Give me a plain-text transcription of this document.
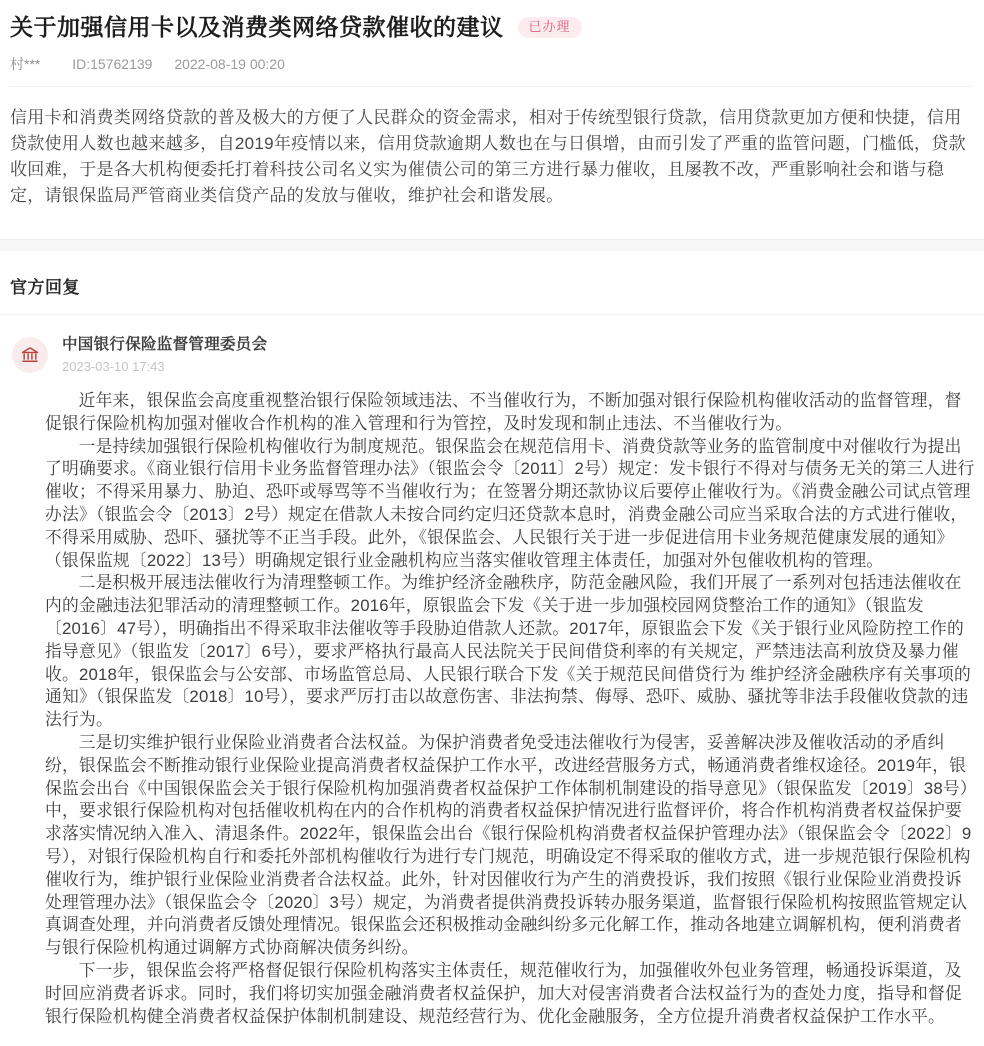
关于加强信用卡以及消费类网络贷款催收的建议 已办理
村*** ID:15762139 2022-08-19 00:20
信用卡和消费类网络贷款的普及极大的方便了人民群众的资金需求，相对于传统型银行贷款，信用贷款更加方便和快捷，信用贷款使用人数也越来越多，自2019年疫情以来，信用贷款逾期人数也在与日俱增，由而引发了严重的监管问题，门槛低，贷款收回难，于是各大机构便委托打着科技公司名义实为催债公司的第三方进行暴力催收，且屡教不改，严重影响社会和谐与稳定，请银保监局严管商业类信贷产品的发放与催收，维护社会和谐发展。
官方回复
中国银行保险监督管理委员会
2023-03-10 17:43

近年来，银保监会高度重视整治银行保险领域违法、不当催收行为，不断加强对银行保险机构催收活动的监督管理，督促银行保险机构加强对催收合作机构的准入管理和行为管控，及时发现和制止违法、不当催收行为。

一是持续加强银行保险机构催收行为制度规范。银保监会在规范信用卡、消费贷款等业务的监管制度中对催收行为提出了明确要求。《商业银行信用卡业务监督管理办法》（银监会令〔2011〕2号）规定：发卡银行不得对与债务无关的第三人进行催收；不得采用暴力、胁迫、恐吓或辱骂等不当催收行为；在签署分期还款协议后要停止催收行为。《消费金融公司试点管理办法》（银监会令〔2013〕2号）规定在借款人未按合同约定归还贷款本息时，消费金融公司应当采取合法的方式进行催收，不得采用威胁、恐吓、骚扰等不正当手段。此外，《银保监会、人民银行关于进一步促进信用卡业务规范健康发展的通知》（银保监规〔2022〕13号）明确规定银行业金融机构应当落实催收管理主体责任，加强对外包催收机构的管理。

二是积极开展违法催收行为清理整顿工作。为维护经济金融秩序，防范金融风险，我们开展了一系列对包括违法催收在内的金融违法犯罪活动的清理整顿工作。2016年，原银监会下发《关于进一步加强校园网贷整治工作的通知》（银监发〔2016〕47号），明确指出不得采取非法催收等手段胁迫借款人还款。2017年，原银监会下发《关于银行业风险防控工作的指导意见》（银监发〔2017〕6号），要求严格执行最高人民法院关于民间借贷利率的有关规定，严禁违法高利放贷及暴力催收。2018年，银保监会与公安部、市场监管总局、人民银行联合下发《关于规范民间借贷行为 维护经济金融秩序有关事项的通知》（银保监发〔2018〕10号），要求严厉打击以故意伤害、非法拘禁、侮辱、恐吓、威胁、骚扰等非法手段催收贷款的违法行为。

三是切实维护银行业保险业消费者合法权益。为保护消费者免受违法催收行为侵害，妥善解决涉及催收活动的矛盾纠纷，银保监会不断推动银行业保险业提高消费者权益保护工作水平，改进经营服务方式，畅通消费者维权途径。2019年，银保监会出台《中国银保监会关于银行保险机构加强消费者权益保护工作体制机制建设的指导意见》（银保监发〔2019〕38号）中，要求银行保险机构对包括催收机构在内的合作机构的消费者权益保护情况进行监督评价，将合作机构消费者权益保护要求落实情况纳入准入、清退条件。2022年，银保监会出台《银行保险机构消费者权益保护管理办法》（银保监会令〔2022〕9号），对银行保险机构自行和委托外部机构催收行为进行专门规范，明确设定不得采取的催收方式，进一步规范银行保险机构催收行为，维护银行业保险业消费者合法权益。此外，针对因催收行为产生的消费投诉，我们按照《银行业保险业消费投诉处理管理办法》（银保监会令〔2020〕3号）规定，为消费者提供消费投诉转办服务渠道，监督银行保险机构按照监管规定认真调查处理，并向消费者反馈处理情况。银保监会还积极推动金融纠纷多元化解工作，推动各地建立调解机构，便利消费者与银行保险机构通过调解方式协商解决债务纠纷。

下一步，银保监会将严格督促银行保险机构落实主体责任，规范催收行为，加强催收外包业务管理，畅通投诉渠道，及时回应消费者诉求。同时，我们将切实加强金融消费者权益保护，加大对侵害消费者合法权益行为的查处力度，指导和督促银行保险机构健全消费者权益保护体制机制建设、规范经营行为、优化金融服务，全方位提升消费者权益保护工作水平。
